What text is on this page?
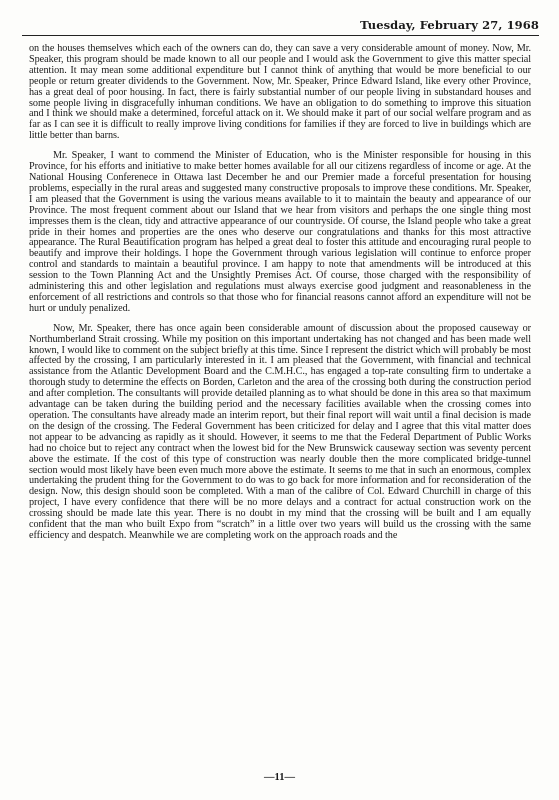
Tuesday, February 27, 1968

on the houses themselves which each of the owners can do, they can save a very considerable amount of money. Now, Mr. Speaker, this program should be made known to all our people and I would ask the Government to give this matter special attention. It may mean some additional expenditure but I cannot think of anything that would be more beneficial to our people or return greater dividends to the Government. Now, Mr. Speaker, Prince Edward Island, like every other Province, has a great deal of poor housing. In fact, there is fairly substantial number of our people living in substandard houses and some people living in disgracefully inhuman conditions. We have an obligation to do something to improve this situation and I think we should make a determined, forceful attack on it. We should make it part of our social welfare program and as far as I can see it is difficult to really improve living conditions for families if they are forced to live in buildings which are little better than barns.

Mr. Speaker, I want to commend the Minister of Education, who is the Minister responsible for housing in this Province, for his efforts and initiative to make better homes available for all our citizens regardless of income or age. At the National Housing Conferenece in Ottawa last December he and our Premier made a forceful presentation for housing problems, especially in the rural areas and suggested many constructive proposals to improve these conditions. Mr. Speaker, I am pleased that the Government is using the various means available to it to maintain the beauty and appearance of our Province. The most frequent comment about our Island that we hear from visitors and perhaps the one single thing most impresses them is the clean, tidy and attractive appearance of our countryside. Of course, the Island people who take a great pride in their homes and properties are the ones who deserve our congratulations and thanks for this most attractive appearance. The Rural Beautification program has helped a great deal to foster this attitude and encouraging rural people to beautify and improve their holdings. I hope the Government through various legislation will continue to enforce proper control and standards to maintain a beautiful province. I am happy to note that amendments will be introduced at this session to the Town Planning Act and the Unsightly Premises Act. Of course, those charged with the responsibility of administering this and other legislation and regulations must always exercise good judgment and reasonableness in the enforcement of all restrictions and controls so that those who for financial reasons cannot afford an expenditure will not be hurt or unduly penalized.

Now, Mr. Speaker, there has once again been considerable amount of discussion about the proposed causeway or Northumberland Strait crossing. While my position on this important undertaking has not changed and has been made well known, I would like to comment on the subject briefly at this time. Since I represent the district which will probably be most affected by the crossing, I am particularly interested in it. I am pleased that the Government, with financial and technical assistance from the Atlantic Development Board and the C.M.H.C., has engaged a top-rate consulting firm to undertake a thorough study to determine the effects on Borden, Carleton and the area of the crossing both during the construction period and after completion. The consultants will provide detailed planning as to what should be done in this area so that maximum advantage can be taken during the building period and the necessary facilities available when the crossing comes into operation. The consultants have already made an interim report, but their final report will wait until a final decision is made on the design of the crossing. The Federal Government has been criticized for delay and I agree that this vital matter does not appear to be advancing as rapidly as it should. However, it seems to me that the Federal Department of Public Works had no choice but to reject any contract when the lowest bid for the New Brunswick causeway section was seventy percent above the estimate. If the cost of this type of construction was nearly double then the more complicated bridge-tunnel section would most likely have been even much more above the estimate. It seems to me that in such an enormous, complex undertaking the prudent thing for the Government to do was to go back for more information and for reconsideration of the design. Now, this design should soon be completed. With a man of the calibre of Col. Edward Churchill in charge of this project, I have every confidence that there will be no more delays and a contract for actual construction work on the crossing should be made late this year. There is no doubt in my mind that the crossing will be built and I am equally confident that the man who built Expo from “scratch” in a little over two years will build us the crossing with the same efficiency and despatch. Meanwhile we are completing work on the approach roads and the

—11—
